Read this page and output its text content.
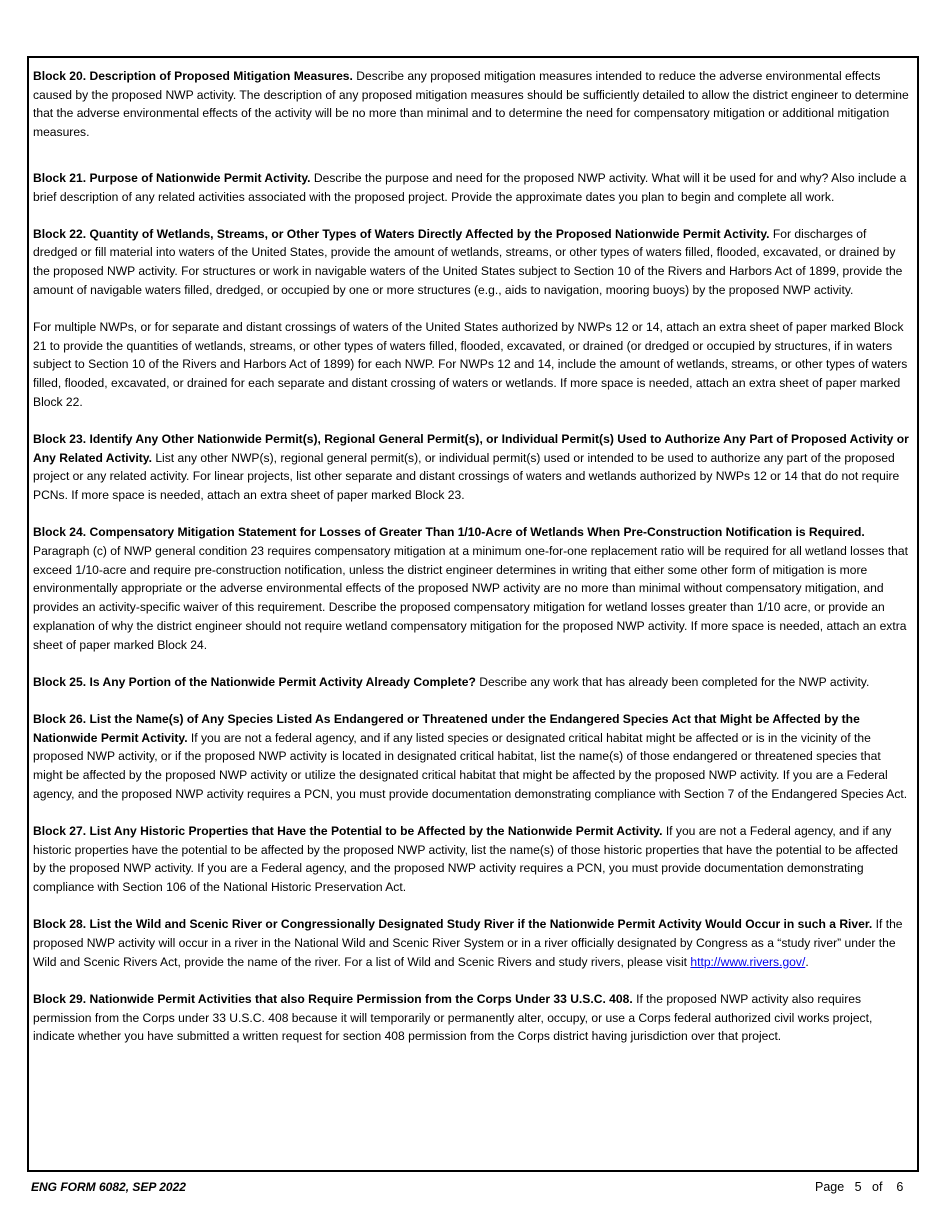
Block 20. Description of Proposed Mitigation Measures. Describe any proposed mitigation measures intended to reduce the adverse environmental effects caused by the proposed NWP activity. The description of any proposed mitigation measures should be sufficiently detailed to allow the district engineer to determine that the adverse environmental effects of the activity will be no more than minimal and to determine the need for compensatory mitigation or additional mitigation measures.

Block 21. Purpose of Nationwide Permit Activity. Describe the purpose and need for the proposed NWP activity. What will it be used for and why? Also include a brief description of any related activities associated with the proposed project. Provide the approximate dates you plan to begin and complete all work.

Block 22. Quantity of Wetlands, Streams, or Other Types of Waters Directly Affected by the Proposed Nationwide Permit Activity. For discharges of dredged or fill material into waters of the United States, provide the amount of wetlands, streams, or other types of waters filled, flooded, excavated, or drained by the proposed NWP activity. For structures or work in navigable waters of the United States subject to Section 10 of the Rivers and Harbors Act of 1899, provide the amount of navigable waters filled, dredged, or occupied by one or more structures (e.g., aids to navigation, mooring buoys) by the proposed NWP activity.

For multiple NWPs, or for separate and distant crossings of waters of the United States authorized by NWPs 12 or 14, attach an extra sheet of paper marked Block 21 to provide the quantities of wetlands, streams, or other types of waters filled, flooded, excavated, or drained (or dredged or occupied by structures, if in waters subject to Section 10 of the Rivers and Harbors Act of 1899) for each NWP. For NWPs 12 and 14, include the amount of wetlands, streams, or other types of waters filled, flooded, excavated, or drained for each separate and distant crossing of waters or wetlands. If more space is needed, attach an extra sheet of paper marked Block 22.

Block 23. Identify Any Other Nationwide Permit(s), Regional General Permit(s), or Individual Permit(s) Used to Authorize Any Part of Proposed Activity or Any Related Activity. List any other NWP(s), regional general permit(s), or individual permit(s) used or intended to be used to authorize any part of the proposed project or any related activity. For linear projects, list other separate and distant crossings of waters and wetlands authorized by NWPs 12 or 14 that do not require PCNs. If more space is needed, attach an extra sheet of paper marked Block 23.

Block 24. Compensatory Mitigation Statement for Losses of Greater Than 1/10-Acre of Wetlands When Pre-Construction Notification is Required. Paragraph (c) of NWP general condition 23 requires compensatory mitigation at a minimum one-for-one replacement ratio will be required for all wetland losses that exceed 1/10-acre and require pre-construction notification, unless the district engineer determines in writing that either some other form of mitigation is more environmentally appropriate or the adverse environmental effects of the proposed NWP activity are no more than minimal without compensatory mitigation, and provides an activity-specific waiver of this requirement. Describe the proposed compensatory mitigation for wetland losses greater than 1/10 acre, or provide an explanation of why the district engineer should not require wetland compensatory mitigation for the proposed NWP activity. If more space is needed, attach an extra sheet of paper marked Block 24.

Block 25. Is Any Portion of the Nationwide Permit Activity Already Complete? Describe any work that has already been completed for the NWP activity.

Block 26. List the Name(s) of Any Species Listed As Endangered or Threatened under the Endangered Species Act that Might be Affected by the Nationwide Permit Activity. If you are not a federal agency, and if any listed species or designated critical habitat might be affected or is in the vicinity of the proposed NWP activity, or if the proposed NWP activity is located in designated critical habitat, list the name(s) of those endangered or threatened species that might be affected by the proposed NWP activity or utilize the designated critical habitat that might be affected by the proposed NWP activity. If you are a Federal agency, and the proposed NWP activity requires a PCN, you must provide documentation demonstrating compliance with Section 7 of the Endangered Species Act.

Block 27. List Any Historic Properties that Have the Potential to be Affected by the Nationwide Permit Activity. If you are not a Federal agency, and if any historic properties have the potential to be affected by the proposed NWP activity, list the name(s) of those historic properties that have the potential to be affected by the proposed NWP activity. If you are a Federal agency, and the proposed NWP activity requires a PCN, you must provide documentation demonstrating compliance with Section 106 of the National Historic Preservation Act.

Block 28. List the Wild and Scenic River or Congressionally Designated Study River if the Nationwide Permit Activity Would Occur in such a River. If the proposed NWP activity will occur in a river in the National Wild and Scenic River System or in a river officially designated by Congress as a “study river” under the Wild and Scenic Rivers Act, provide the name of the river. For a list of Wild and Scenic Rivers and study rivers, please visit http://www.rivers.gov/.

Block 29. Nationwide Permit Activities that also Require Permission from the Corps Under 33 U.S.C. 408. If the proposed NWP activity also requires permission from the Corps under 33 U.S.C. 408 because it will temporarily or permanently alter, occupy, or use a Corps federal authorized civil works project, indicate whether you have submitted a written request for section 408 permission from the Corps district having jurisdiction over that project.

ENG FORM 6082, SEP 2022	Page 5 of 6
